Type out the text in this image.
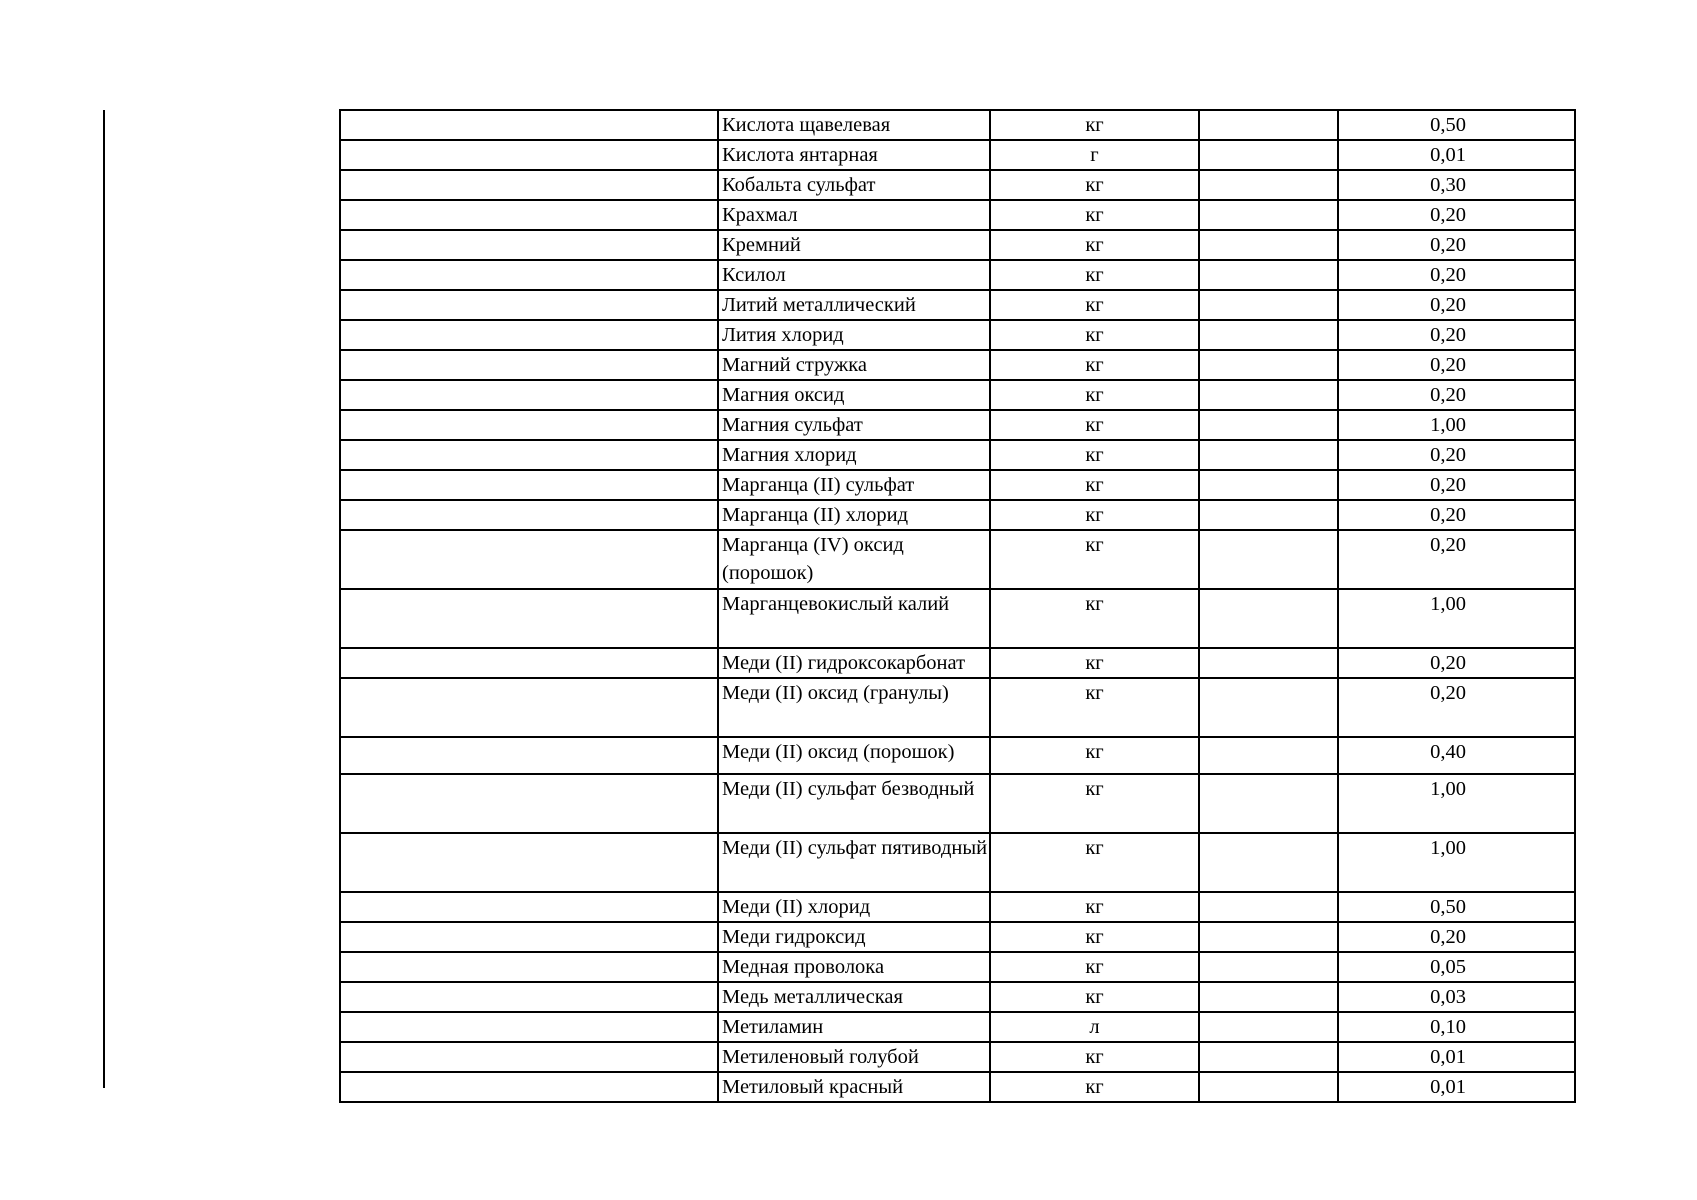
	Кислота щавелевая	кг		0,50
	Кислота янтарная	г		0,01
	Кобальта сульфат	кг		0,30
	Крахмал	кг		0,20
	Кремний	кг		0,20
	Ксилол	кг		0,20
	Литий металлический	кг		0,20
	Лития хлорид	кг		0,20
	Магний стружка	кг		0,20
	Магния оксид	кг		0,20
	Магния сульфат	кг		1,00
	Магния хлорид	кг		0,20
	Марганца (II) сульфат	кг		0,20
	Марганца (II) хлорид	кг		0,20
	Марганца (IV) оксид (порошок)	кг		0,20
	Марганцевокислый калий	кг		1,00
	Меди (II) гидроксокарбонат	кг		0,20
	Меди (II) оксид (гранулы)	кг		0,20
	Меди (II) оксид (порошок)	кг		0,40
	Меди (II) сульфат безводный	кг		1,00
	Меди (II) сульфат пятиводный	кг		1,00
	Меди (II) хлорид	кг		0,50
	Меди гидроксид	кг		0,20
	Медная проволока	кг		0,05
	Медь металлическая	кг		0,03
	Метиламин	л		0,10
	Метиленовый голубой	кг		0,01
	Метиловый красный	кг		0,01
